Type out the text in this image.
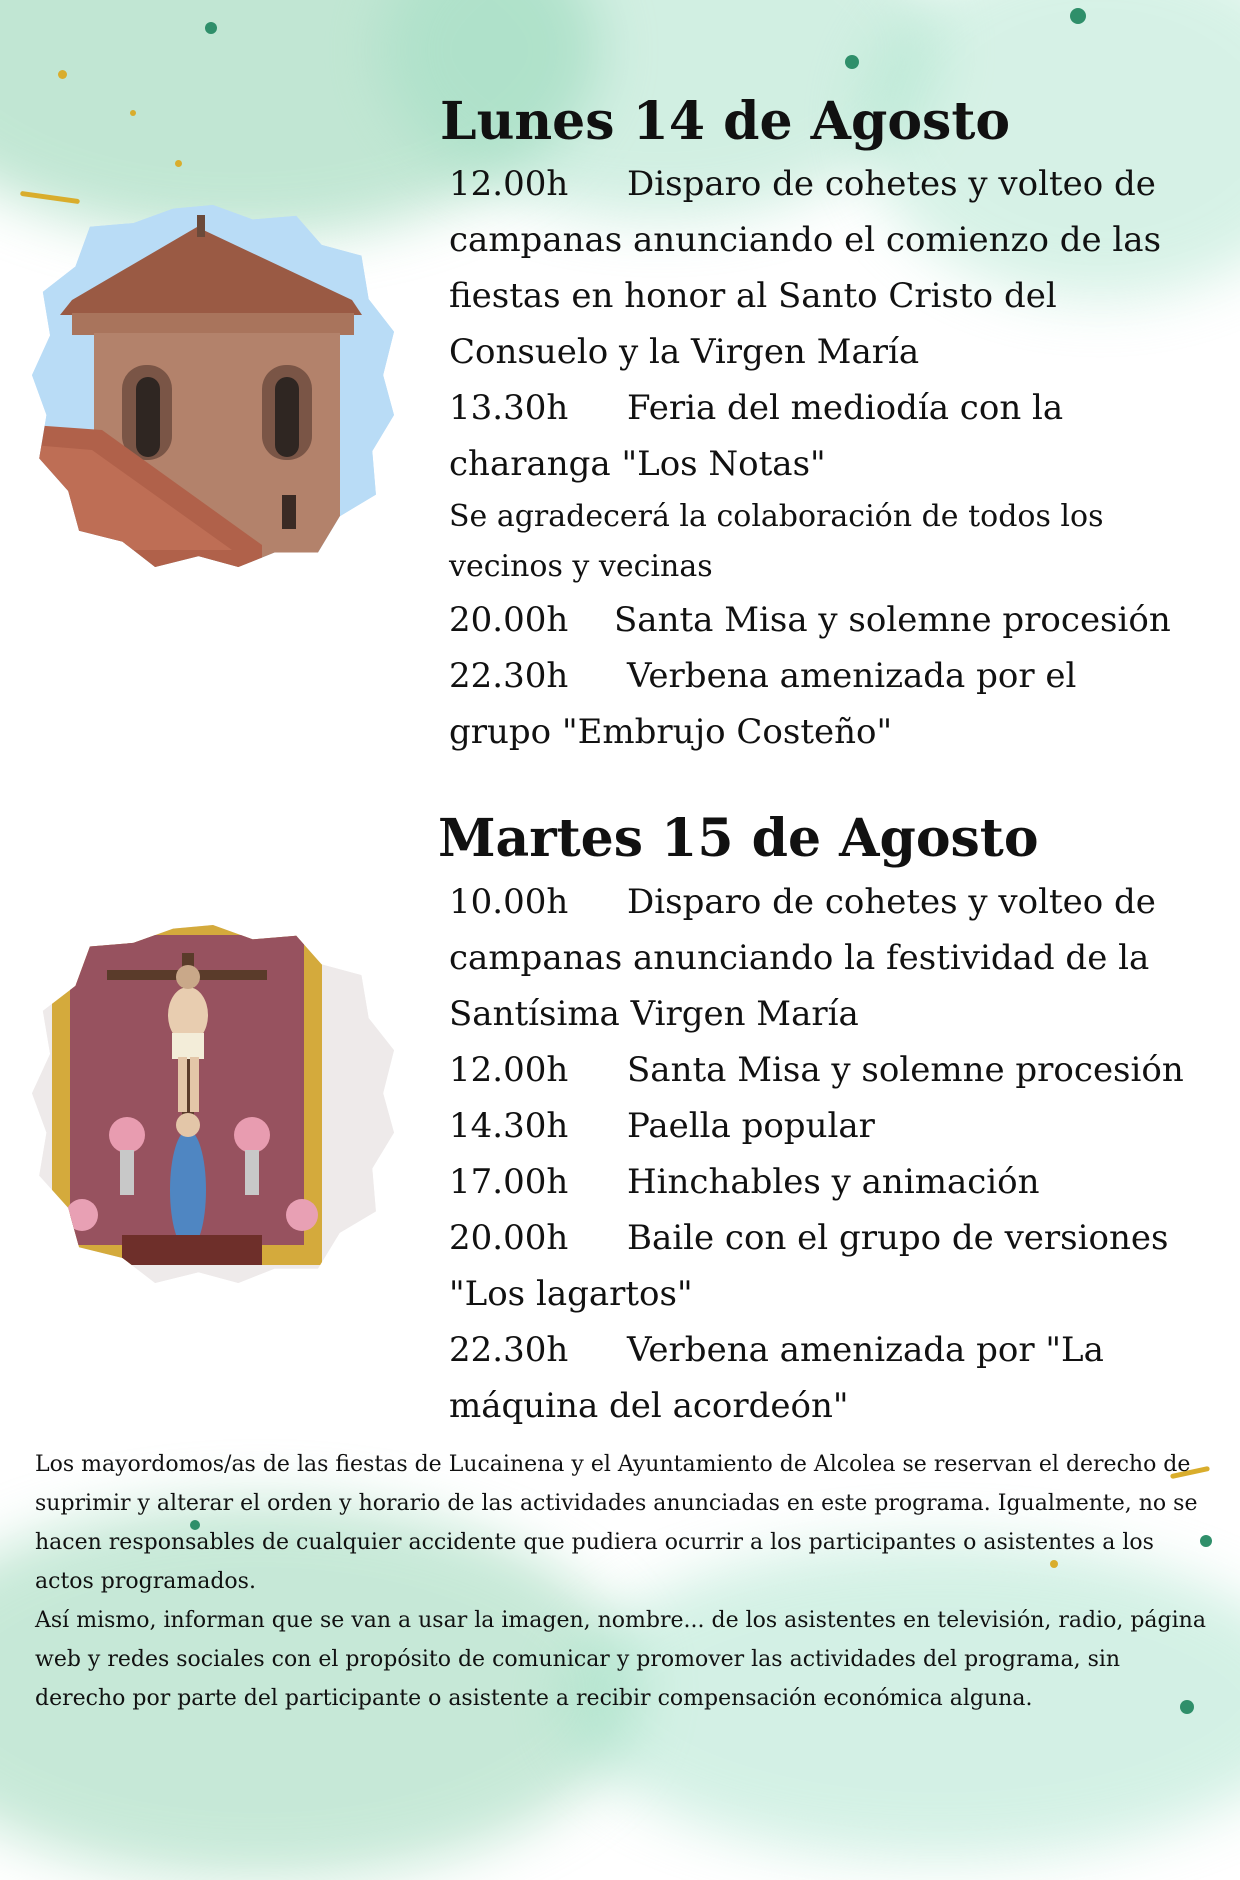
Lunes 14 de Agosto
12.00h Disparo de cohetes y volteo de
campanas anunciando el comienzo de las
fiestas en honor al Santo Cristo del
Consuelo y la Virgen María
13.30h Feria del mediodía con la
charanga "Los Notas"
Se agradecerá la colaboración de todos los
vecinos y vecinas
20.00h Santa Misa y solemne procesión
22.30h Verbena amenizada por el
grupo "Embrujo Costeño"
Martes 15 de Agosto
10.00h Disparo de cohetes y volteo de
campanas anunciando la festividad de la
Santísima Virgen María
12.00h Santa Misa y solemne procesión
14.30h Paella popular
17.00h Hinchables y animación
20.00h Baile con el grupo de versiones
"Los lagartos"
22.30h Verbena amenizada por "La
máquina del acordeón"

Los mayordomos/as de las fiestas de Lucainena y el Ayuntamiento de Alcolea se reservan el derecho de suprimir y alterar el orden y horario de las actividades anunciadas en este programa. Igualmente, no se hacen responsables de cualquier accidente que pudiera ocurrir a los participantes o asistentes a los actos programados.

Así mismo, informan que se van a usar la imagen, nombre... de los asistentes en televisión, radio, página web y redes sociales con el propósito de comunicar y promover las actividades del programa, sin derecho por parte del participante o asistente a recibir compensación económica alguna.
